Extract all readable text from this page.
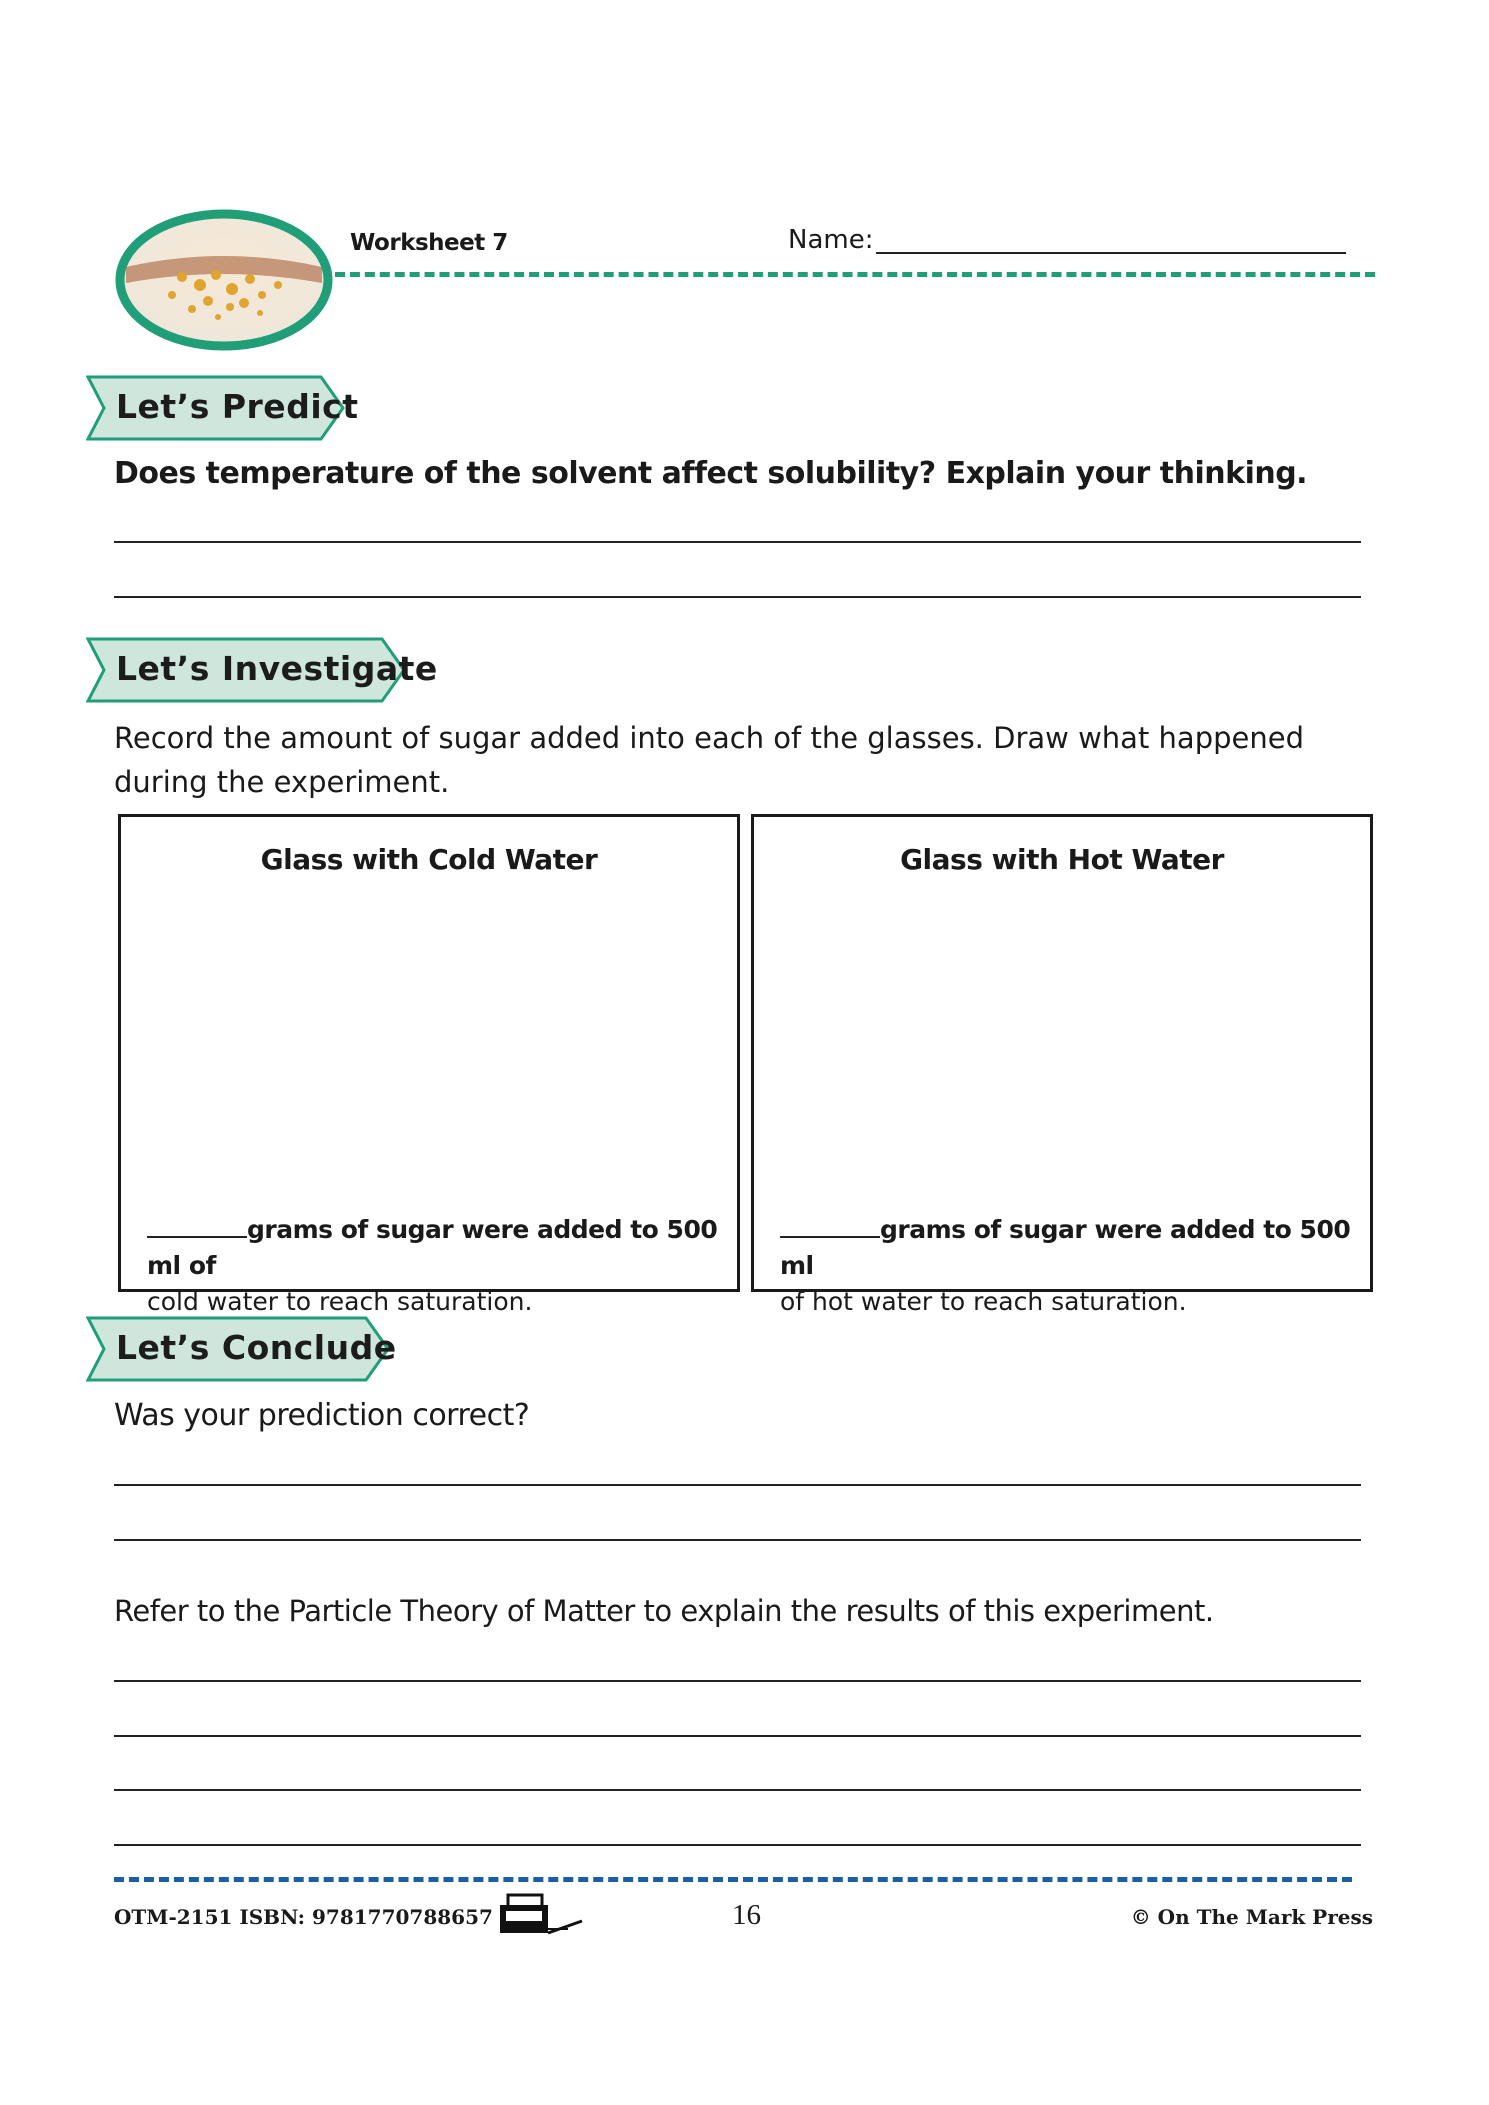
Worksheet 7	Name:
Let’s Predict
Does temperature of the solvent affect solubility? Explain your thinking.
Let’s Investigate
Record the amount of sugar added into each of the glasses. Draw what happened during the experiment.
Glass with Cold Water
grams of sugar were added to 500 ml of
cold water to reach saturation.
Glass with Hot Water
grams of sugar were added to 500 ml
of hot water to reach saturation.
Let’s Conclude
Was your prediction correct?
Refer to the Particle Theory of Matter to explain the results of this experiment.
OTM-2151 ISBN: 9781770788657	16	© On The Mark Press
